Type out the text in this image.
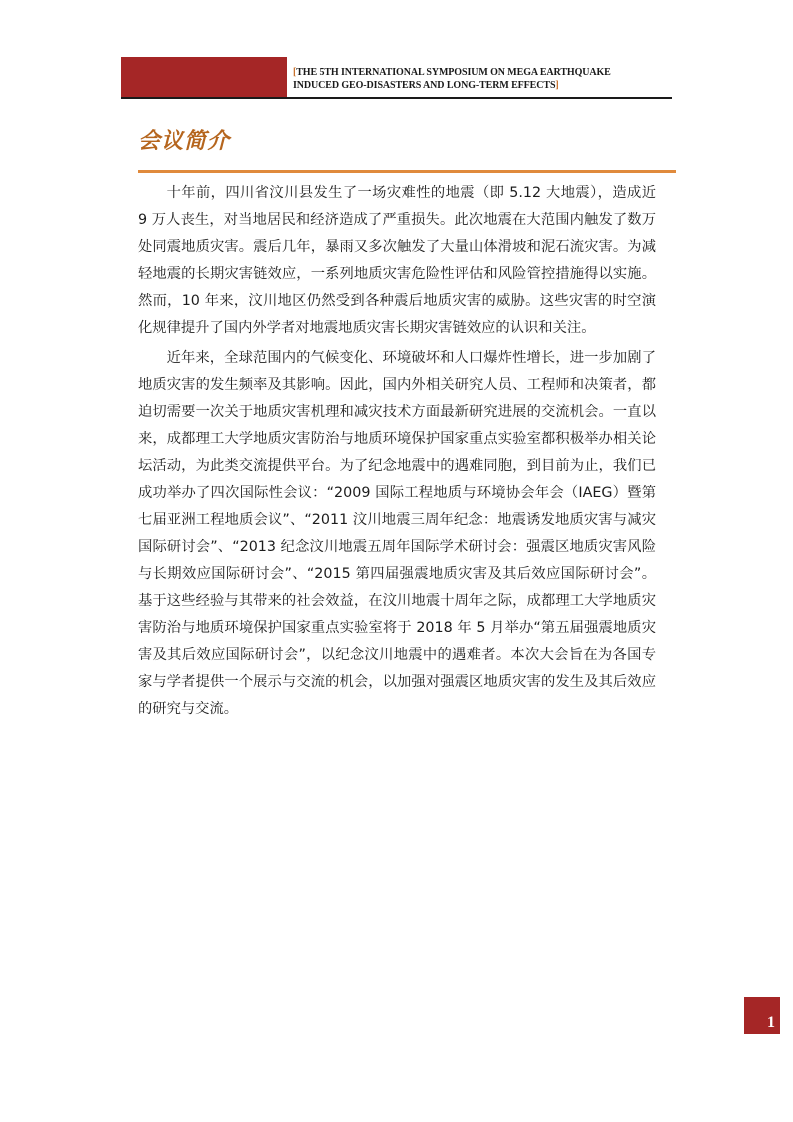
[THE 5TH INTERNATIONAL SYMPOSIUM ON MEGA EARTHQUAKE
INDUCED GEO-DISASTERS AND LONG-TERM EFFECTS]
会议简介

十年前，四川省汶川县发生了一场灾难性的地震（即 5.12 大地震），造成近 9 万人丧生，对当地居民和经济造成了严重损失。此次地震在大范围内触发了数万处同震地质灾害。震后几年，暴雨又多次触发了大量山体滑坡和泥石流灾害。为减轻地震的长期灾害链效应，一系列地质灾害危险性评估和风险管控措施得以实施。然而，10 年来，汶川地区仍然受到各种震后地质灾害的威胁。这些灾害的时空演化规律提升了国内外学者对地震地质灾害长期灾害链效应的认识和关注。

近年来，全球范围内的气候变化、环境破坏和人口爆炸性增长，进一步加剧了地质灾害的发生频率及其影响。因此，国内外相关研究人员、工程师和决策者，都迫切需要一次关于地质灾害机理和减灾技术方面最新研究进展的交流机会。一直以来，成都理工大学地质灾害防治与地质环境保护国家重点实验室都积极举办相关论坛活动，为此类交流提供平台。为了纪念地震中的遇难同胞，到目前为止，我们已成功举办了四次国际性会议：“2009 国际工程地质与环境协会年会（IAEG）暨第七届亚洲工程地质会议”、“2011 汶川地震三周年纪念：地震诱发地质灾害与减灾国际研讨会”、“2013 纪念汶川地震五周年国际学术研讨会：强震区地质灾害风险与长期效应国际研讨会”、“2015 第四届强震地质灾害及其后效应国际研讨会”。基于这些经验与其带来的社会效益，在汶川地震十周年之际，成都理工大学地质灾害防治与地质环境保护国家重点实验室将于 2018 年 5 月举办“第五届强震地质灾害及其后效应国际研讨会”，以纪念汶川地震中的遇难者。本次大会旨在为各国专家与学者提供一个展示与交流的机会，以加强对强震区地质灾害的发生及其后效应的研究与交流。

1
